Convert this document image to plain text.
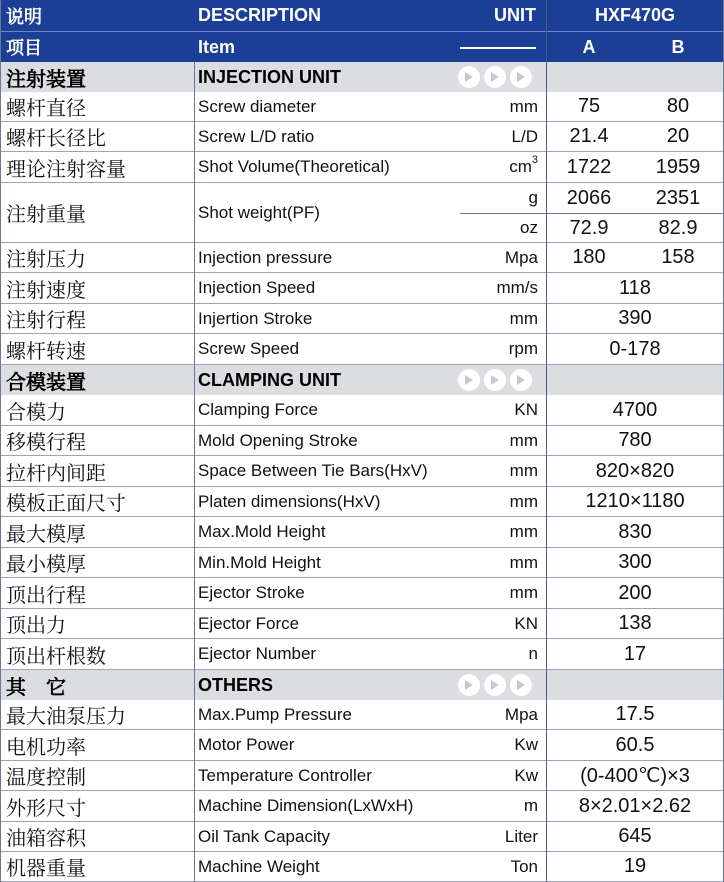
说明	DESCRIPTION	UNIT	HXF470G
项目	Item	A	B
注射装置	INJECTION UNIT
螺杆直径	Screw diameter	mm	75	80
螺杆长径比	Screw L/D ratio	L/D	21.4	20
理论注射容量	Shot Volume(Theoretical)	$cm^3$	1722	1959
注射重量	Shot weight(PF)
g	2066	2351
oz	72.9	82.9
注射压力	Injection pressure	Mpa	180	158
注射速度	Injection Speed	mm/s	118
注射行程	Injertion Stroke	mm	390
螺杆转速	Screw Speed	rpm	0-178
合模装置	CLAMPING UNIT
合模力	Clamping Force	KN	4700
移模行程	Mold Opening Stroke	mm	780
拉杆内间距	Space Between Tie Bars(HxV)	mm	820×820
模板正面尺寸	Platen dimensions(HxV)	mm	1210×1180
最大模厚	Max.Mold Height	mm	830
最小模厚	Min.Mold Height	mm	300
顶出行程	Ejector Stroke	mm	200
顶出力	Ejector Force	KN	138
顶出杆根数	Ejector Number	n	17
其　它	OTHERS
最大油泵压力	Max.Pump Pressure	Mpa	17.5
电机功率	Motor Power	Kw	60.5
温度控制	Temperature Controller	Kw	(0-400℃)×3
外形尺寸	Machine Dimension(LxWxH)	m	8×2.01×2.62
油箱容积	Oil Tank Capacity	Liter	645
机器重量	Machine Weight	Ton	19
